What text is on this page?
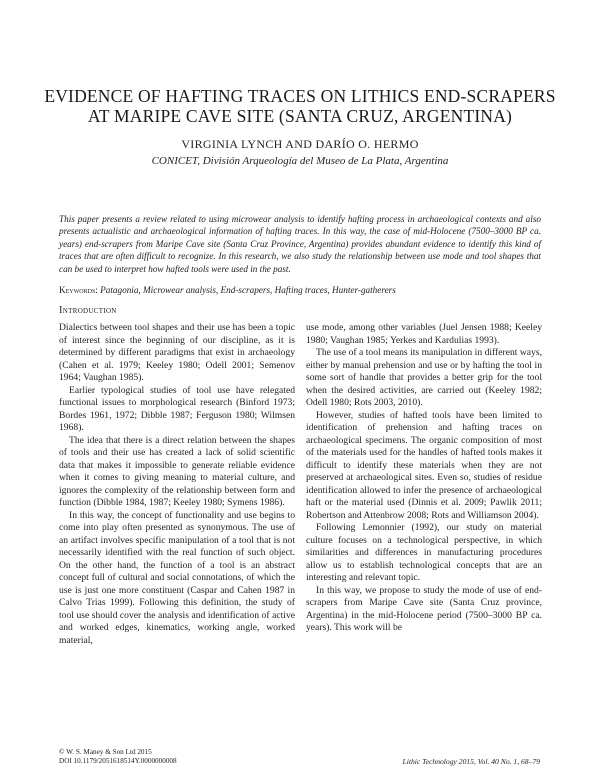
EVIDENCE OF HAFTING TRACES ON LITHICS END-SCRAPERS
AT MARIPE CAVE SITE (SANTA CRUZ, ARGENTINA)
VIRGINIA LYNCH AND DARÍO O. HERMO
CONICET, División Arqueología del Museo de La Plata, Argentina

This paper presents a review related to using microwear analysis to identify hafting process in archaeological contexts and also presents actualistic and archaeological information of hafting traces. In this way, the case of mid-Holocene (7500–3000 BP ca. years) end-scrapers from Maripe Cave site (Santa Cruz Province, Argentina) provides abundant evidence to identify this kind of traces that are often difficult to recognize. In this research, we also study the relationship between use mode and tool shapes that can be used to interpret how hafted tools were used in the past.

Keywords: Patagonia, Microwear analysis, End-scrapers, Hafting traces, Hunter-gatherers

Introduction

Dialectics between tool shapes and their use has been a topic of interest since the beginning of our discipline, as it is determined by different paradigms that exist in archaeology (Cahen et al. 1979; Keeley 1980; Odell 2001; Semenov 1964; Vaughan 1985).

Earlier typological studies of tool use have relegated functional issues to morphological research (Binford 1973; Bordes 1961, 1972; Dibble 1987; Ferguson 1980; Wilmsen 1968).

The idea that there is a direct relation between the shapes of tools and their use has created a lack of solid scientific data that makes it impossible to generate reliable evidence when it comes to giving meaning to material culture, and ignores the complexity of the relationship between form and function (Dibble 1984, 1987; Keeley 1980; Symens 1986).

In this way, the concept of functionality and use begins to come into play often presented as synonymous. The use of an artifact involves specific manipulation of a tool that is not necessarily identified with the real function of such object. On the other hand, the function of a tool is an abstract concept full of cultural and social connotations, of which the use is just one more constituent (Caspar and Cahen 1987 in Calvo Trias 1999). Following this definition, the study of tool use should cover the analysis and identification of active and worked edges, kinematics, working angle, worked material,

use mode, among other variables (Juel Jensen 1988; Keeley 1980; Vaughan 1985; Yerkes and Kardulias 1993).

The use of a tool means its manipulation in different ways, either by manual prehension and use or by hafting the tool in some sort of handle that provides a better grip for the tool when the desired activities, are carried out (Keeley 1982; Odell 1980; Rots 2003, 2010).

However, studies of hafted tools have been limited to identification of prehension and hafting traces on archaeological specimens. The organic composition of most of the materials used for the handles of hafted tools makes it difficult to identify these materials when they are not preserved at archaeological sites. Even so, studies of residue identification allowed to infer the presence of archaeological haft or the material used (Dinnis et al. 2009; Pawlik 2011; Robertson and Attenbrow 2008; Rots and Williamson 2004).

Following Lemonnier (1992), our study on material culture focuses on a technological perspective, in which similarities and differences in manufacturing procedures allow us to establish technological concepts that are an interesting and relevant topic.

In this way, we propose to study the mode of use of end-scrapers from Maripe Cave site (Santa Cruz province, Argentina) in the mid-Holocene period (7500–3000 BP ca. years). This work will be

© W. S. Maney & Son Ltd 2015
DOI 10.1179/2051618514Y.0000000008	Lithic Technology 2015, Vol. 40 No. 1, 68–79
